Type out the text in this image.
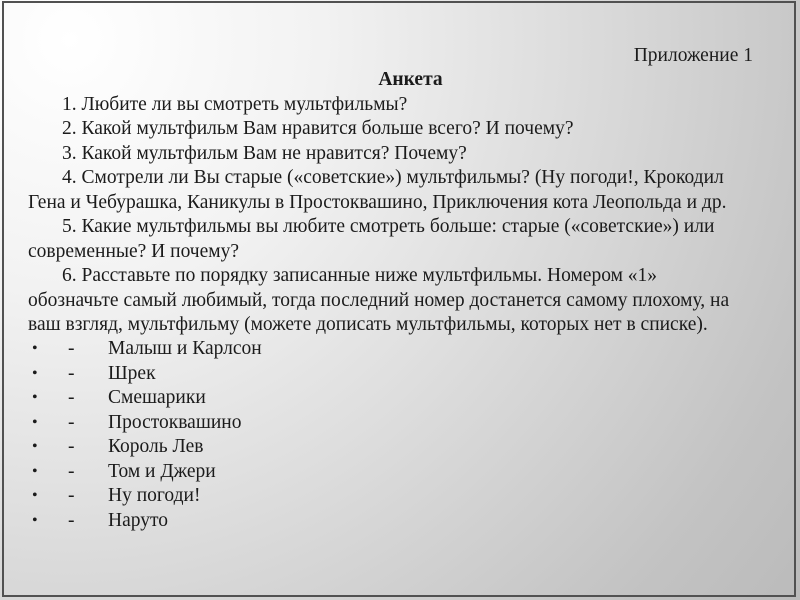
Приложение 1
Анкета
1. Любите ли вы смотреть мультфильмы?
2. Какой мультфильм Вам нравится больше всего? И почему?
3. Какой мультфильм Вам не нравится? Почему?
4. Смотрели ли Вы старые («советские») мультфильмы? (Ну погоди!, Крокодил
Гена и Чебурашка, Каникулы в Простоквашино, Приключения кота Леопольда и др.
5. Какие мультфильмы вы любите смотреть больше: старые («советские») или
современные? И почему?
6. Расставьте по порядку записанные ниже мультфильмы. Номером «1»
обозначьте самый любимый, тогда последний номер достанется самому плохому, на
ваш взгляд, мультфильму (можете дописать мультфильмы, которых нет в списке).
•	-	Малыш и Карлсон
•	-	Шрек
•	-	Смешарики
•	-	Простоквашино
•	-	Король Лев
•	-	Том и Джери
•	-	Ну погоди!
•	-	Наруто
